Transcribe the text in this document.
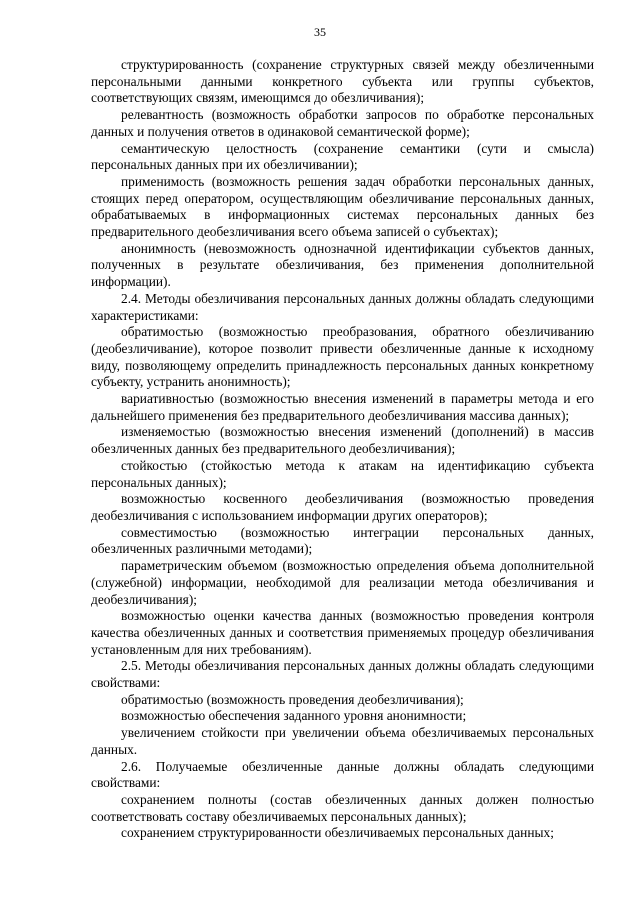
35

структурированность (сохранение структурных связей между обезличенными персональными данными конкретного субъекта или группы субъектов, соответствующих связям, имеющимся до обезличивания);

релевантность (возможность обработки запросов по обработке персональных данных и получения ответов в одинаковой семантической форме);

семантическую целостность (сохранение семантики (сути и смысла) персональных данных при их обезличивании);

применимость (возможность решения задач обработки персональных данных, стоящих перед оператором, осуществляющим обезличивание персональных данных, обрабатываемых в информационных системах персональных данных без предварительного деобезличивания всего объема записей о субъектах);

анонимность (невозможность однозначной идентификации субъектов данных, полученных в результате обезличивания, без применения дополнительной информации).

2.4. Методы обезличивания персональных данных должны обладать следующими характеристиками:

обратимостью (возможностью преобразования, обратного обезличиванию (деобезличивание), которое позволит привести обезличенные данные к исходному виду, позволяющему определить принадлежность персональных данных конкретному субъекту, устранить анонимность);

вариативностью (возможностью внесения изменений в параметры метода и его дальнейшего применения без предварительного деобезличивания массива данных);

изменяемостью (возможностью внесения изменений (дополнений) в массив обезличенных данных без предварительного деобезличивания);

стойкостью (стойкостью метода к атакам на идентификацию субъекта персональных данных);

возможностью косвенного деобезличивания (возможностью проведения деобезличивания с использованием информации других операторов);

совместимостью (возможностью интеграции персональных данных, обезличенных различными методами);

параметрическим объемом (возможностью определения объема дополнительной (служебной) информации, необходимой для реализации метода обезличивания и деобезличивания);

возможностью оценки качества данных (возможностью проведения контроля качества обезличенных данных и соответствия применяемых процедур обезличивания установленным для них требованиям).

2.5. Методы обезличивания персональных данных должны обладать следующими свойствами:

обратимостью (возможность проведения деобезличивания);

возможностью обеспечения заданного уровня анонимности;

увеличением стойкости при увеличении объема обезличиваемых персональных данных.

2.6. Получаемые обезличенные данные должны обладать следующими свойствами:

сохранением полноты (состав обезличенных данных должен полностью соответствовать составу обезличиваемых персональных данных);

сохранением структурированности обезличиваемых персональных данных;
